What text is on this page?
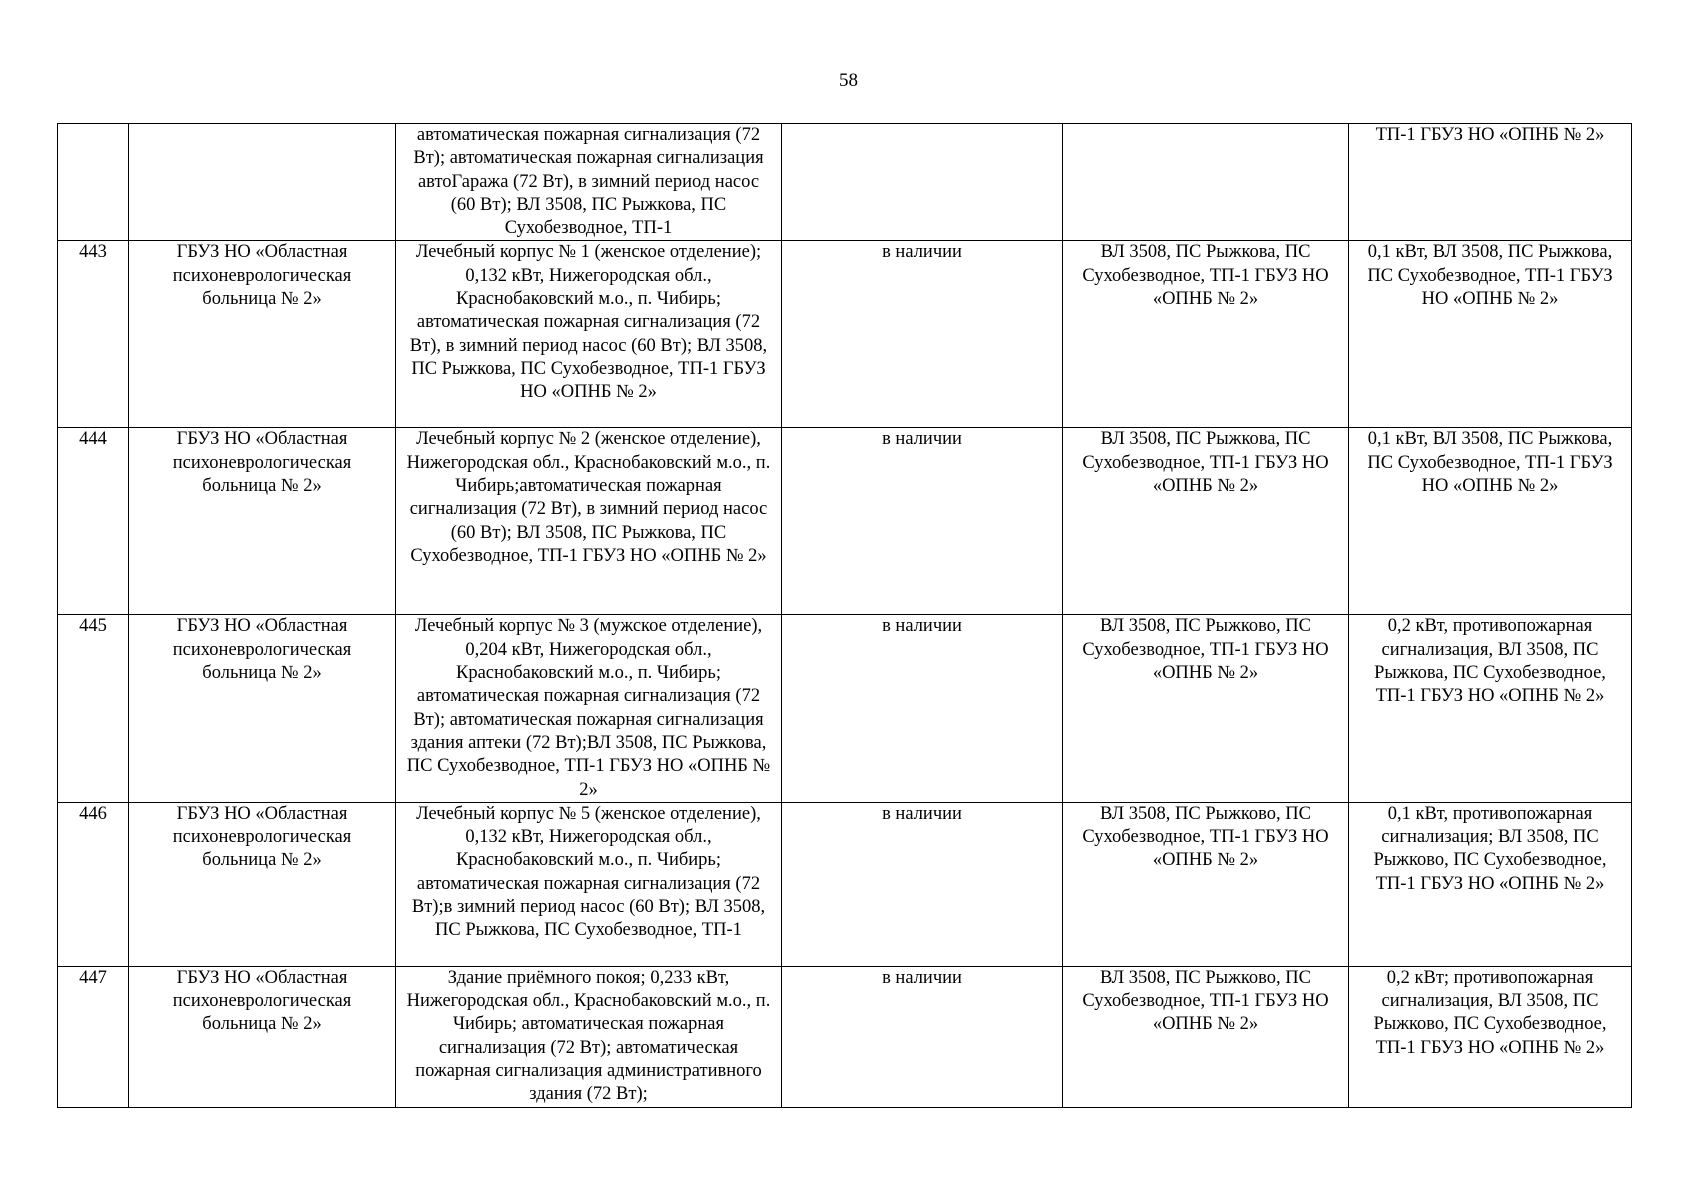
58
		автоматическая пожарная сигнализация (72 Вт); автоматическая пожарная сигнализация автоГаража (72 Вт), в зимний период насос (60 Вт); ВЛ 3508, ПС Рыжкова, ПС Сухобезводное, ТП-1			ТП-1 ГБУЗ НО «ОПНБ № 2»
443	ГБУЗ НО «Областная психоневрологическая больница № 2»	Лечебный корпус № 1 (женское отделение); 0,132 кВт, Нижегородская обл., Краснобаковский м.о., п. Чибирь; автоматическая пожарная сигнализация (72 Вт), в зимний период насос (60 Вт); ВЛ 3508, ПС Рыжкова, ПС Сухобезводное, ТП-1 ГБУЗ НО «ОПНБ № 2»	в наличии	ВЛ 3508, ПС Рыжкова, ПС Сухобезводное, ТП-1 ГБУЗ НО «ОПНБ № 2»	0,1 кВт, ВЛ 3508, ПС Рыжкова, ПС Сухобезводное, ТП-1 ГБУЗ НО «ОПНБ № 2»
444	ГБУЗ НО «Областная психоневрологическая больница № 2»	Лечебный корпус № 2 (женское отделение), Нижегородская обл., Краснобаковский м.о., п. Чибирь;автоматическая пожарная сигнализация (72 Вт), в зимний период насос (60 Вт); ВЛ 3508, ПС Рыжкова, ПС Сухобезводное, ТП-1 ГБУЗ НО «ОПНБ № 2»	в наличии	ВЛ 3508, ПС Рыжкова, ПС Сухобезводное, ТП-1 ГБУЗ НО «ОПНБ № 2»	0,1 кВт, ВЛ 3508, ПС Рыжкова, ПС Сухобезводное, ТП-1 ГБУЗ НО «ОПНБ № 2»
445	ГБУЗ НО «Областная психоневрологическая больница № 2»	Лечебный корпус № 3 (мужское отделение), 0,204 кВт, Нижегородская обл., Краснобаковский м.о., п. Чибирь; автоматическая пожарная сигнализация (72 Вт); автоматическая пожарная сигнализация здания аптеки (72 Вт);ВЛ 3508, ПС Рыжкова, ПС Сухобезводное, ТП-1 ГБУЗ НО «ОПНБ № 2»	в наличии	ВЛ 3508, ПС Рыжково, ПС Сухобезводное, ТП-1 ГБУЗ НО «ОПНБ № 2»	0,2 кВт, противопожарная сигнализация, ВЛ 3508, ПС Рыжкова, ПС Сухобезводное, ТП-1 ГБУЗ НО «ОПНБ № 2»
446	ГБУЗ НО «Областная психоневрологическая больница № 2»	Лечебный корпус № 5 (женское отделение), 0,132 кВт, Нижегородская обл., Краснобаковский м.о., п. Чибирь; автоматическая пожарная сигнализация (72 Вт);в зимний период насос (60 Вт); ВЛ 3508, ПС Рыжкова, ПС Сухобезводное, ТП-1	в наличии	ВЛ 3508, ПС Рыжково, ПС Сухобезводное, ТП-1 ГБУЗ НО «ОПНБ № 2»	0,1 кВт, противопожарная сигнализация; ВЛ 3508, ПС Рыжково, ПС Сухобезводное, ТП-1 ГБУЗ НО «ОПНБ № 2»
447	ГБУЗ НО «Областная психоневрологическая больница № 2»	Здание приёмного покоя; 0,233 кВт, Нижегородская обл., Краснобаковский м.о., п. Чибирь; автоматическая пожарная сигнализация (72 Вт); автоматическая пожарная сигнализация административного здания (72 Вт);	в наличии	ВЛ 3508, ПС Рыжково, ПС Сухобезводное, ТП-1 ГБУЗ НО «ОПНБ № 2»	0,2 кВт; противопожарная сигнализация, ВЛ 3508, ПС Рыжково, ПС Сухобезводное, ТП-1 ГБУЗ НО «ОПНБ № 2»
